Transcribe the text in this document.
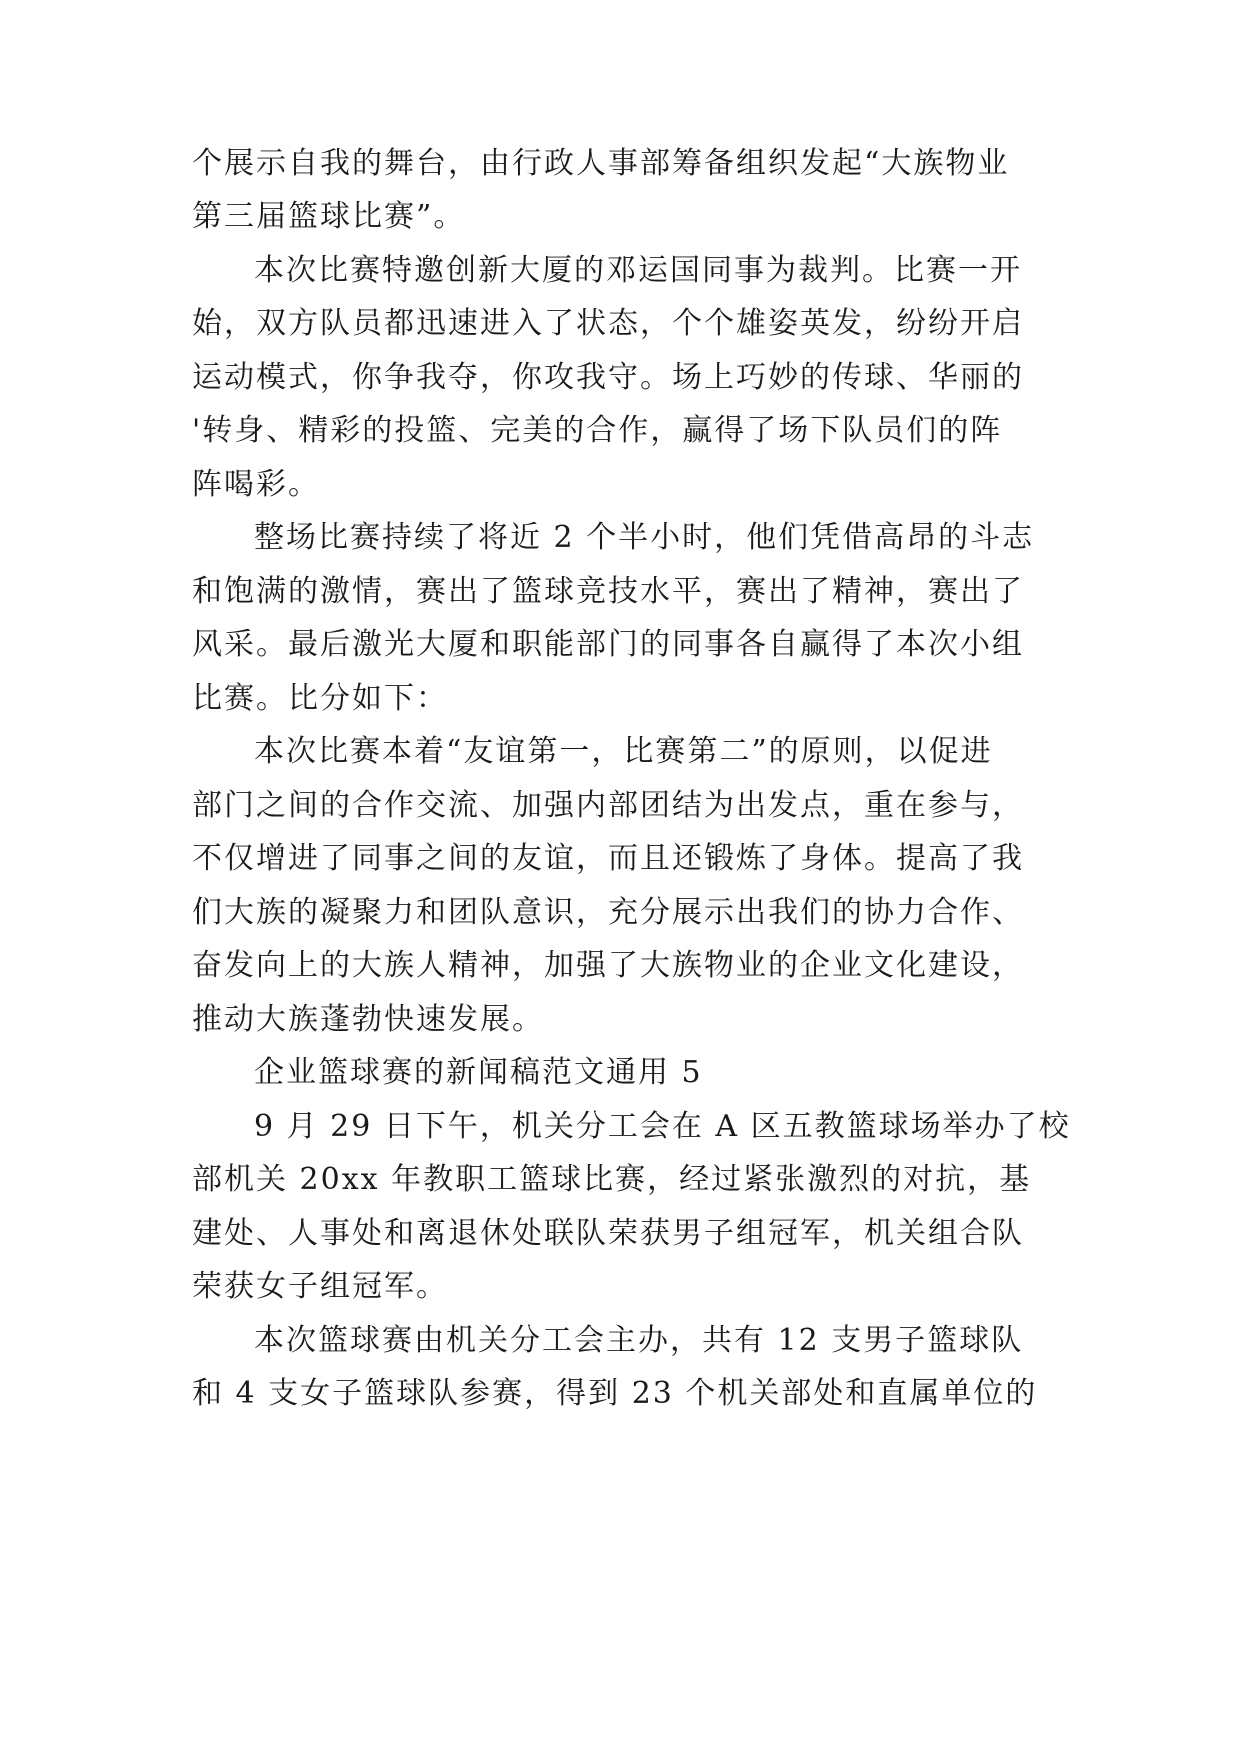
个展示自我的舞台，由行政人事部筹备组织发起“大族物业
第三届篮球比赛”。
本次比赛特邀创新大厦的邓运国同事为裁判。比赛一开
始，双方队员都迅速进入了状态，个个雄姿英发，纷纷开启
运动模式，你争我夺，你攻我守。场上巧妙的传球、华丽的
'转身、精彩的投篮、完美的合作，赢得了场下队员们的阵
阵喝彩。
整场比赛持续了将近 2 个半小时，他们凭借高昂的斗志
和饱满的激情，赛出了篮球竞技水平，赛出了精神，赛出了
风采。最后激光大厦和职能部门的同事各自赢得了本次小组
比赛。比分如下：
本次比赛本着“友谊第一，比赛第二”的原则，以促进
部门之间的合作交流、加强内部团结为出发点，重在参与，
不仅增进了同事之间的友谊，而且还锻炼了身体。提高了我
们大族的凝聚力和团队意识，充分展示出我们的协力合作、
奋发向上的大族人精神，加强了大族物业的企业文化建设，
推动大族蓬勃快速发展。
企业篮球赛的新闻稿范文通用 5
9 月 29 日下午，机关分工会在 A 区五教篮球场举办了校
部机关 20xx 年教职工篮球比赛，经过紧张激烈的对抗，基
建处、人事处和离退休处联队荣获男子组冠军，机关组合队
荣获女子组冠军。
本次篮球赛由机关分工会主办，共有 12 支男子篮球队
和 4 支女子篮球队参赛，得到 23 个机关部处和直属单位的
